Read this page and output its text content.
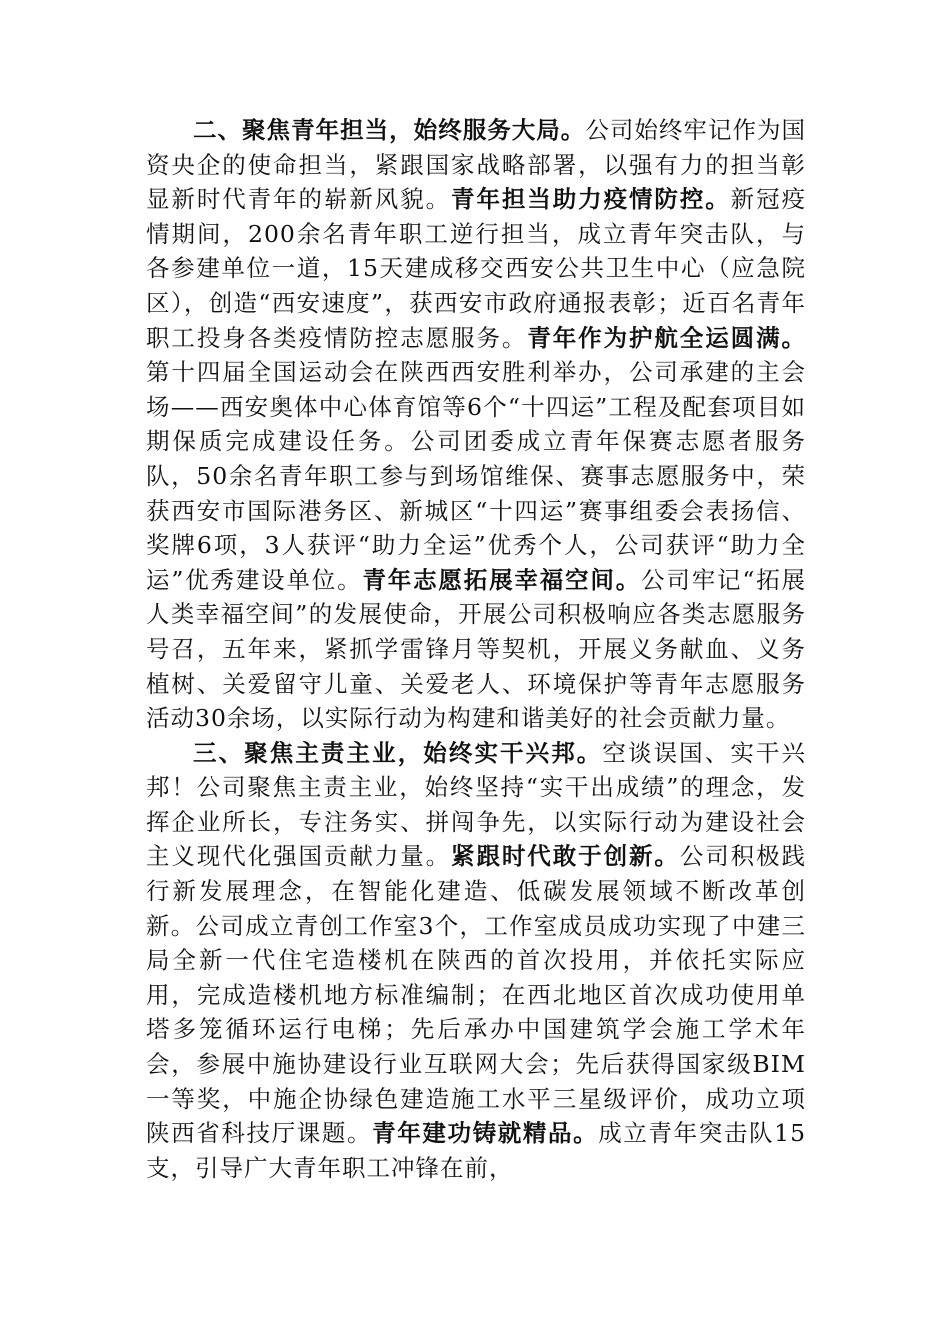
二、聚焦青年担当，始终服务大局。公司始终牢记作为国资央企的使命担当，紧跟国家战略部署，以强有力的担当彰显新时代青年的崭新风貌。青年担当助力疫情防控。新冠疫情期间，200余名青年职工逆行担当，成立青年突击队，与各参建单位一道，15天建成移交西安公共卫生中心（应急院区），创造“西安速度”，获西安市政府通报表彰；近百名青年职工投身各类疫情防控志愿服务。青年作为护航全运圆满。第十四届全国运动会在陕西西安胜利举办，公司承建的主会场——西安奥体中心体育馆等6个“十四运”工程及配套项目如期保质完成建设任务。公司团委成立青年保赛志愿者服务队，50余名青年职工参与到场馆维保、赛事志愿服务中，荣获西安市国际港务区、新城区“十四运”赛事组委会表扬信、奖牌6项，3人获评“助力全运”优秀个人，公司获评“助力全运”优秀建设单位。青年志愿拓展幸福空间。公司牢记“拓展人类幸福空间”的发展使命，开展公司积极响应各类志愿服务号召，五年来，紧抓学雷锋月等契机，开展义务献血、义务植树、关爱留守儿童、关爱老人、环境保护等青年志愿服务活动30余场，以实际行动为构建和谐美好的社会贡献力量。

三、聚焦主责主业，始终实干兴邦。空谈误国、实干兴邦！公司聚焦主责主业，始终坚持“实干出成绩”的理念，发挥企业所长，专注务实、拼闯争先，以实际行动为建设社会主义现代化强国贡献力量。紧跟时代敢于创新。公司积极践行新发展理念，在智能化建造、低碳发展领域不断改革创新。公司成立青创工作室3个，工作室成员成功实现了中建三局全新一代住宅造楼机在陕西的首次投用，并依托实际应用，完成造楼机地方标准编制；在西北地区首次成功使用单塔多笼循环运行电梯；先后承办中国建筑学会施工学术年会，参展中施协建设行业互联网大会；先后获得国家级BIM一等奖，中施企协绿色建造施工水平三星级评价，成功立项陕西省科技厅课题。青年建功铸就精品。成立青年突击队15支，引导广大青年职工冲锋在前，
